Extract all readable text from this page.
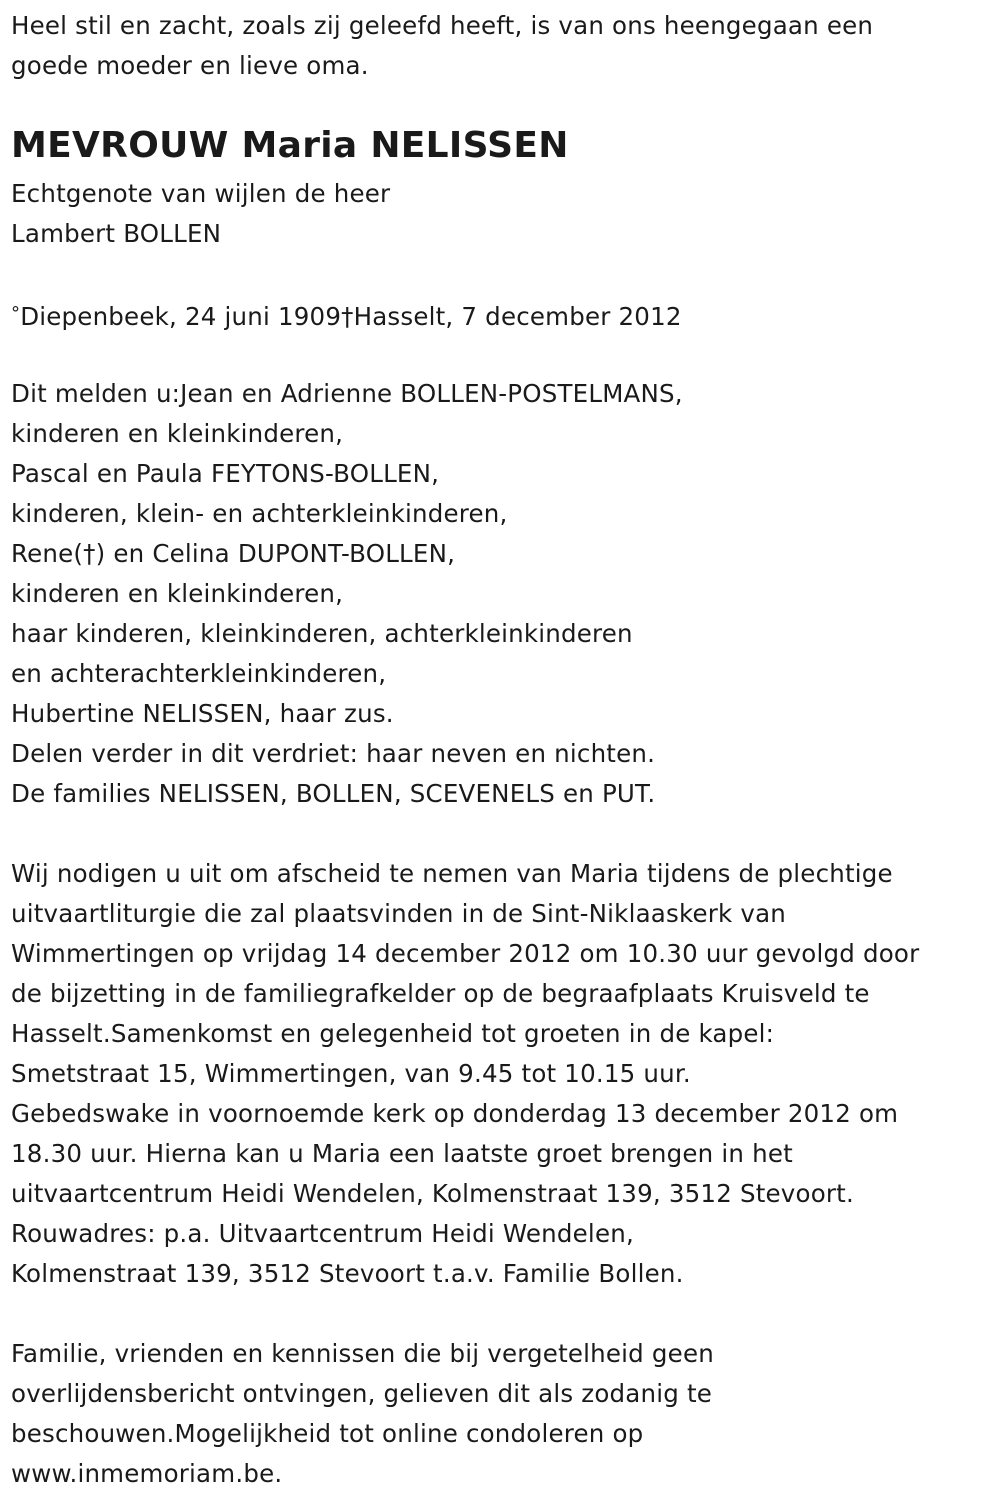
Heel stil en zacht, zoals zij geleefd heeft, is van ons heengegaan een
goede moeder en lieve oma.
MEVROUW Maria NELISSEN
Echtgenote van wijlen de heer
Lambert BOLLEN
°Diepenbeek, 24 juni 1909†Hasselt, 7 december 2012
Dit melden u:Jean en Adrienne BOLLEN-POSTELMANS,
kinderen en kleinkinderen,
Pascal en Paula FEYTONS-BOLLEN,
kinderen, klein- en achterkleinkinderen,
Rene(†) en Celina DUPONT-BOLLEN,
kinderen en kleinkinderen,
haar kinderen, kleinkinderen, achterkleinkinderen
en achterachterkleinkinderen,
Hubertine NELISSEN, haar zus.
Delen verder in dit verdriet: haar neven en nichten.
De families NELISSEN, BOLLEN, SCEVENELS en PUT.
Wij nodigen u uit om afscheid te nemen van Maria tijdens de plechtige
uitvaartliturgie die zal plaatsvinden in de Sint-Niklaaskerk van
Wimmertingen op vrijdag 14 december 2012 om 10.30 uur gevolgd door
de bijzetting in de familiegrafkelder op de begraafplaats Kruisveld te
Hasselt.Samenkomst en gelegenheid tot groeten in de kapel:
Smetstraat 15, Wimmertingen, van 9.45 tot 10.15 uur.
Gebedswake in voornoemde kerk op donderdag 13 december 2012 om
18.30 uur. Hierna kan u Maria een laatste groet brengen in het
uitvaartcentrum Heidi Wendelen, Kolmenstraat 139, 3512 Stevoort.
Rouwadres: p.a. Uitvaartcentrum Heidi Wendelen,
Kolmenstraat 139, 3512 Stevoort t.a.v. Familie Bollen.
Familie, vrienden en kennissen die bij vergetelheid geen
overlijdensbericht ontvingen, gelieven dit als zodanig te
beschouwen.Mogelijkheid tot online condoleren op
www.inmemoriam.be.
